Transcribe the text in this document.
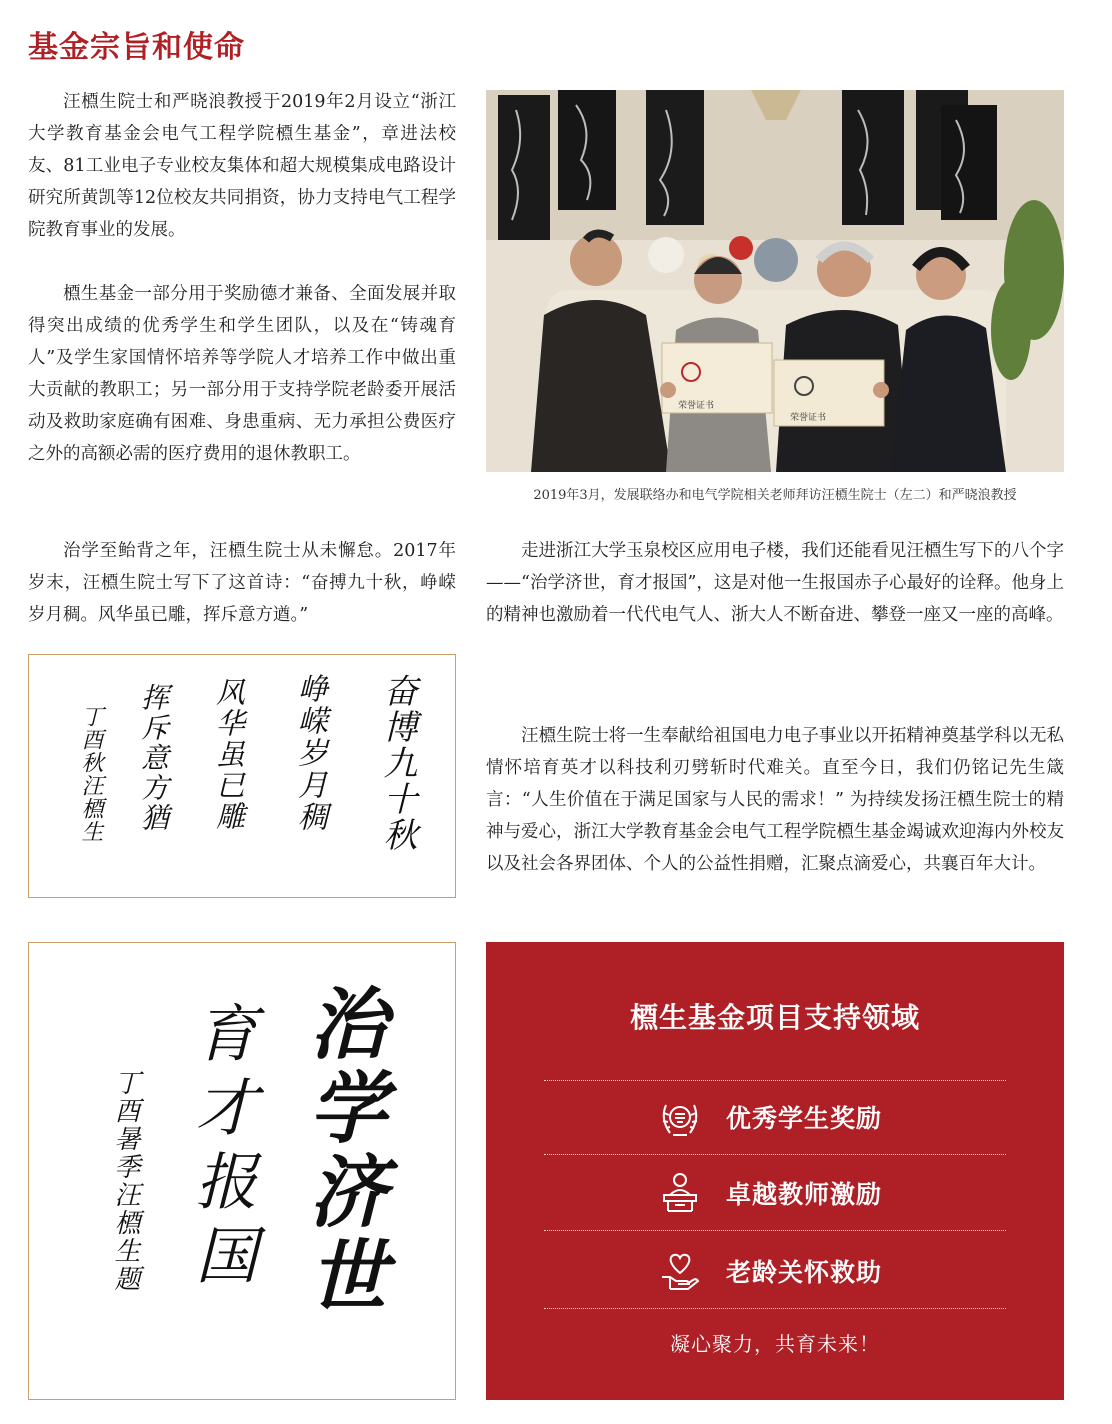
基金宗旨和使命

汪槱生院士和严晓浪教授于2019年2月设立“浙江大学教育基金会电气工程学院槱生基金”，章进法校友、81工业电子专业校友集体和超大规模集成电路设计研究所黄凯等12位校友共同捐资，协力支持电气工程学院教育事业的发展。

槱生基金一部分用于奖励德才兼备、全面发展并取得突出成绩的优秀学生和学生团队，以及在“铸魂育人”及学生家国情怀培养等学院人才培养工作中做出重大贡献的教职工；另一部分用于支持学院老龄委开展活动及救助家庭确有困难、身患重病、无力承担公费医疗之外的高额必需的医疗费用的退休教职工。

治学至鲐背之年，汪槱生院士从未懈怠。2017年岁末，汪槱生院士写下了这首诗：“奋搏九十秋，峥嵘岁月稠。风华虽已雕，挥斥意方遒。”

走进浙江大学玉泉校区应用电子楼，我们还能看见汪槱生写下的八个字——“治学济世，育才报国”，这是对他一生报国赤子心最好的诠释。他身上的精神也激励着一代代电气人、浙大人不断奋进、攀登一座又一座的高峰。

汪槱生院士将一生奉献给祖国电力电子事业以开拓精神奠基学科以无私情怀培育英才以科技利刃劈斩时代难关。直至今日，我们仍铭记先生箴言：“人生价值在于满足国家与人民的需求！” 为持续发扬汪槱生院士的精神与爱心，浙江大学教育基金会电气工程学院槱生基金竭诚欢迎海内外校友以及社会各界团体、个人的公益性捐赠，汇聚点滴爱心，共襄百年大计。

荣誉证书
荣誉证书
2019年3月，发展联络办和电气学院相关老师拜访汪槱生院士（左二）和严晓浪教授
奋博九十秋
峥嵘岁月稠
风华虽已雕
挥斥意方猶
丁酉秋汪槱生
治学济世
育才报国
丁酉暑季汪槱生题
槱生基金项目支持领域
优秀学生奖励
卓越教师激励
老龄关怀救助
凝心聚力，共育未来！
